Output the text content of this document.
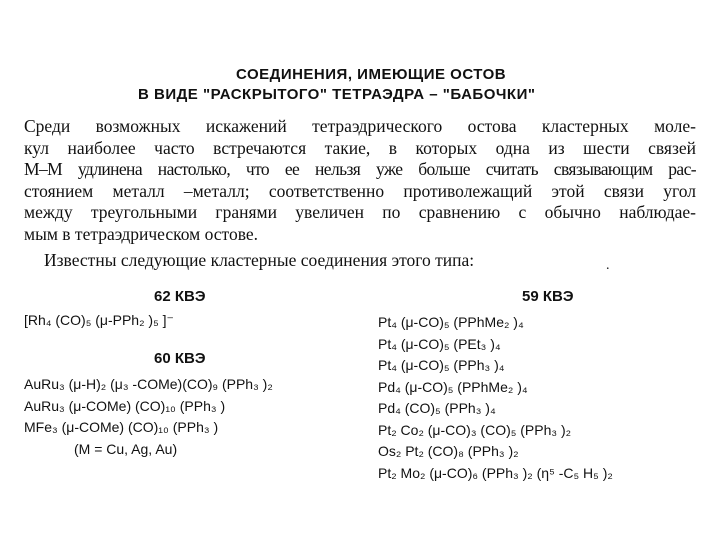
СОЕДИНЕНИЯ, ИМЕЮЩИЕ ОСТОВ
В ВИДЕ "РАСКРЫТОГО" ТЕТРАЭДРА – "БАБОЧКИ"
Среди возможных искажений тетраэдрического остова кластерных моле-
кул наиболее часто встречаются такие, в которых одна из шести связей
М–М удлинена настолько, что ее нельзя уже больше считать связывающим рас-
стоянием металл –металл; соответственно противолежащий этой связи угол
между треугольными гранями увеличен по сравнению с обычно наблюдае-
мым в тетраэдрическом остове.
Известны следующие кластерные соединения этого типа:	.
62 КВЭ
[Rh₄ (CO)₅ (μ-PPh₂ )₅ ]⁻
60 КВЭ
AuRu₃ (μ-H)₂ (μ₃ -COMe)(CO)₉ (PPh₃ )₂
AuRu₃ (μ-COMe) (CO)₁₀ (PPh₃ )
MFe₃ (μ-COMe) (CO)₁₀ (PPh₃ )
(M = Cu, Ag, Au)
59 КВЭ
Pt₄ (μ-CO)₅ (PPhMe₂ )₄
Pt₄ (μ-CO)₅ (PEt₃ )₄
Pt₄ (μ-CO)₅ (PPh₃ )₄
Pd₄ (μ-CO)₅ (PPhMe₂ )₄
Pd₄ (CO)₅ (PPh₃ )₄
Pt₂ Co₂ (μ-CO)₃ (CO)₅ (PPh₃ )₂
Os₂ Pt₂ (CO)₈ (PPh₃ )₂
Pt₂ Mo₂ (μ-CO)₆ (PPh₃ )₂ (η⁵ -C₅ H₅ )₂
